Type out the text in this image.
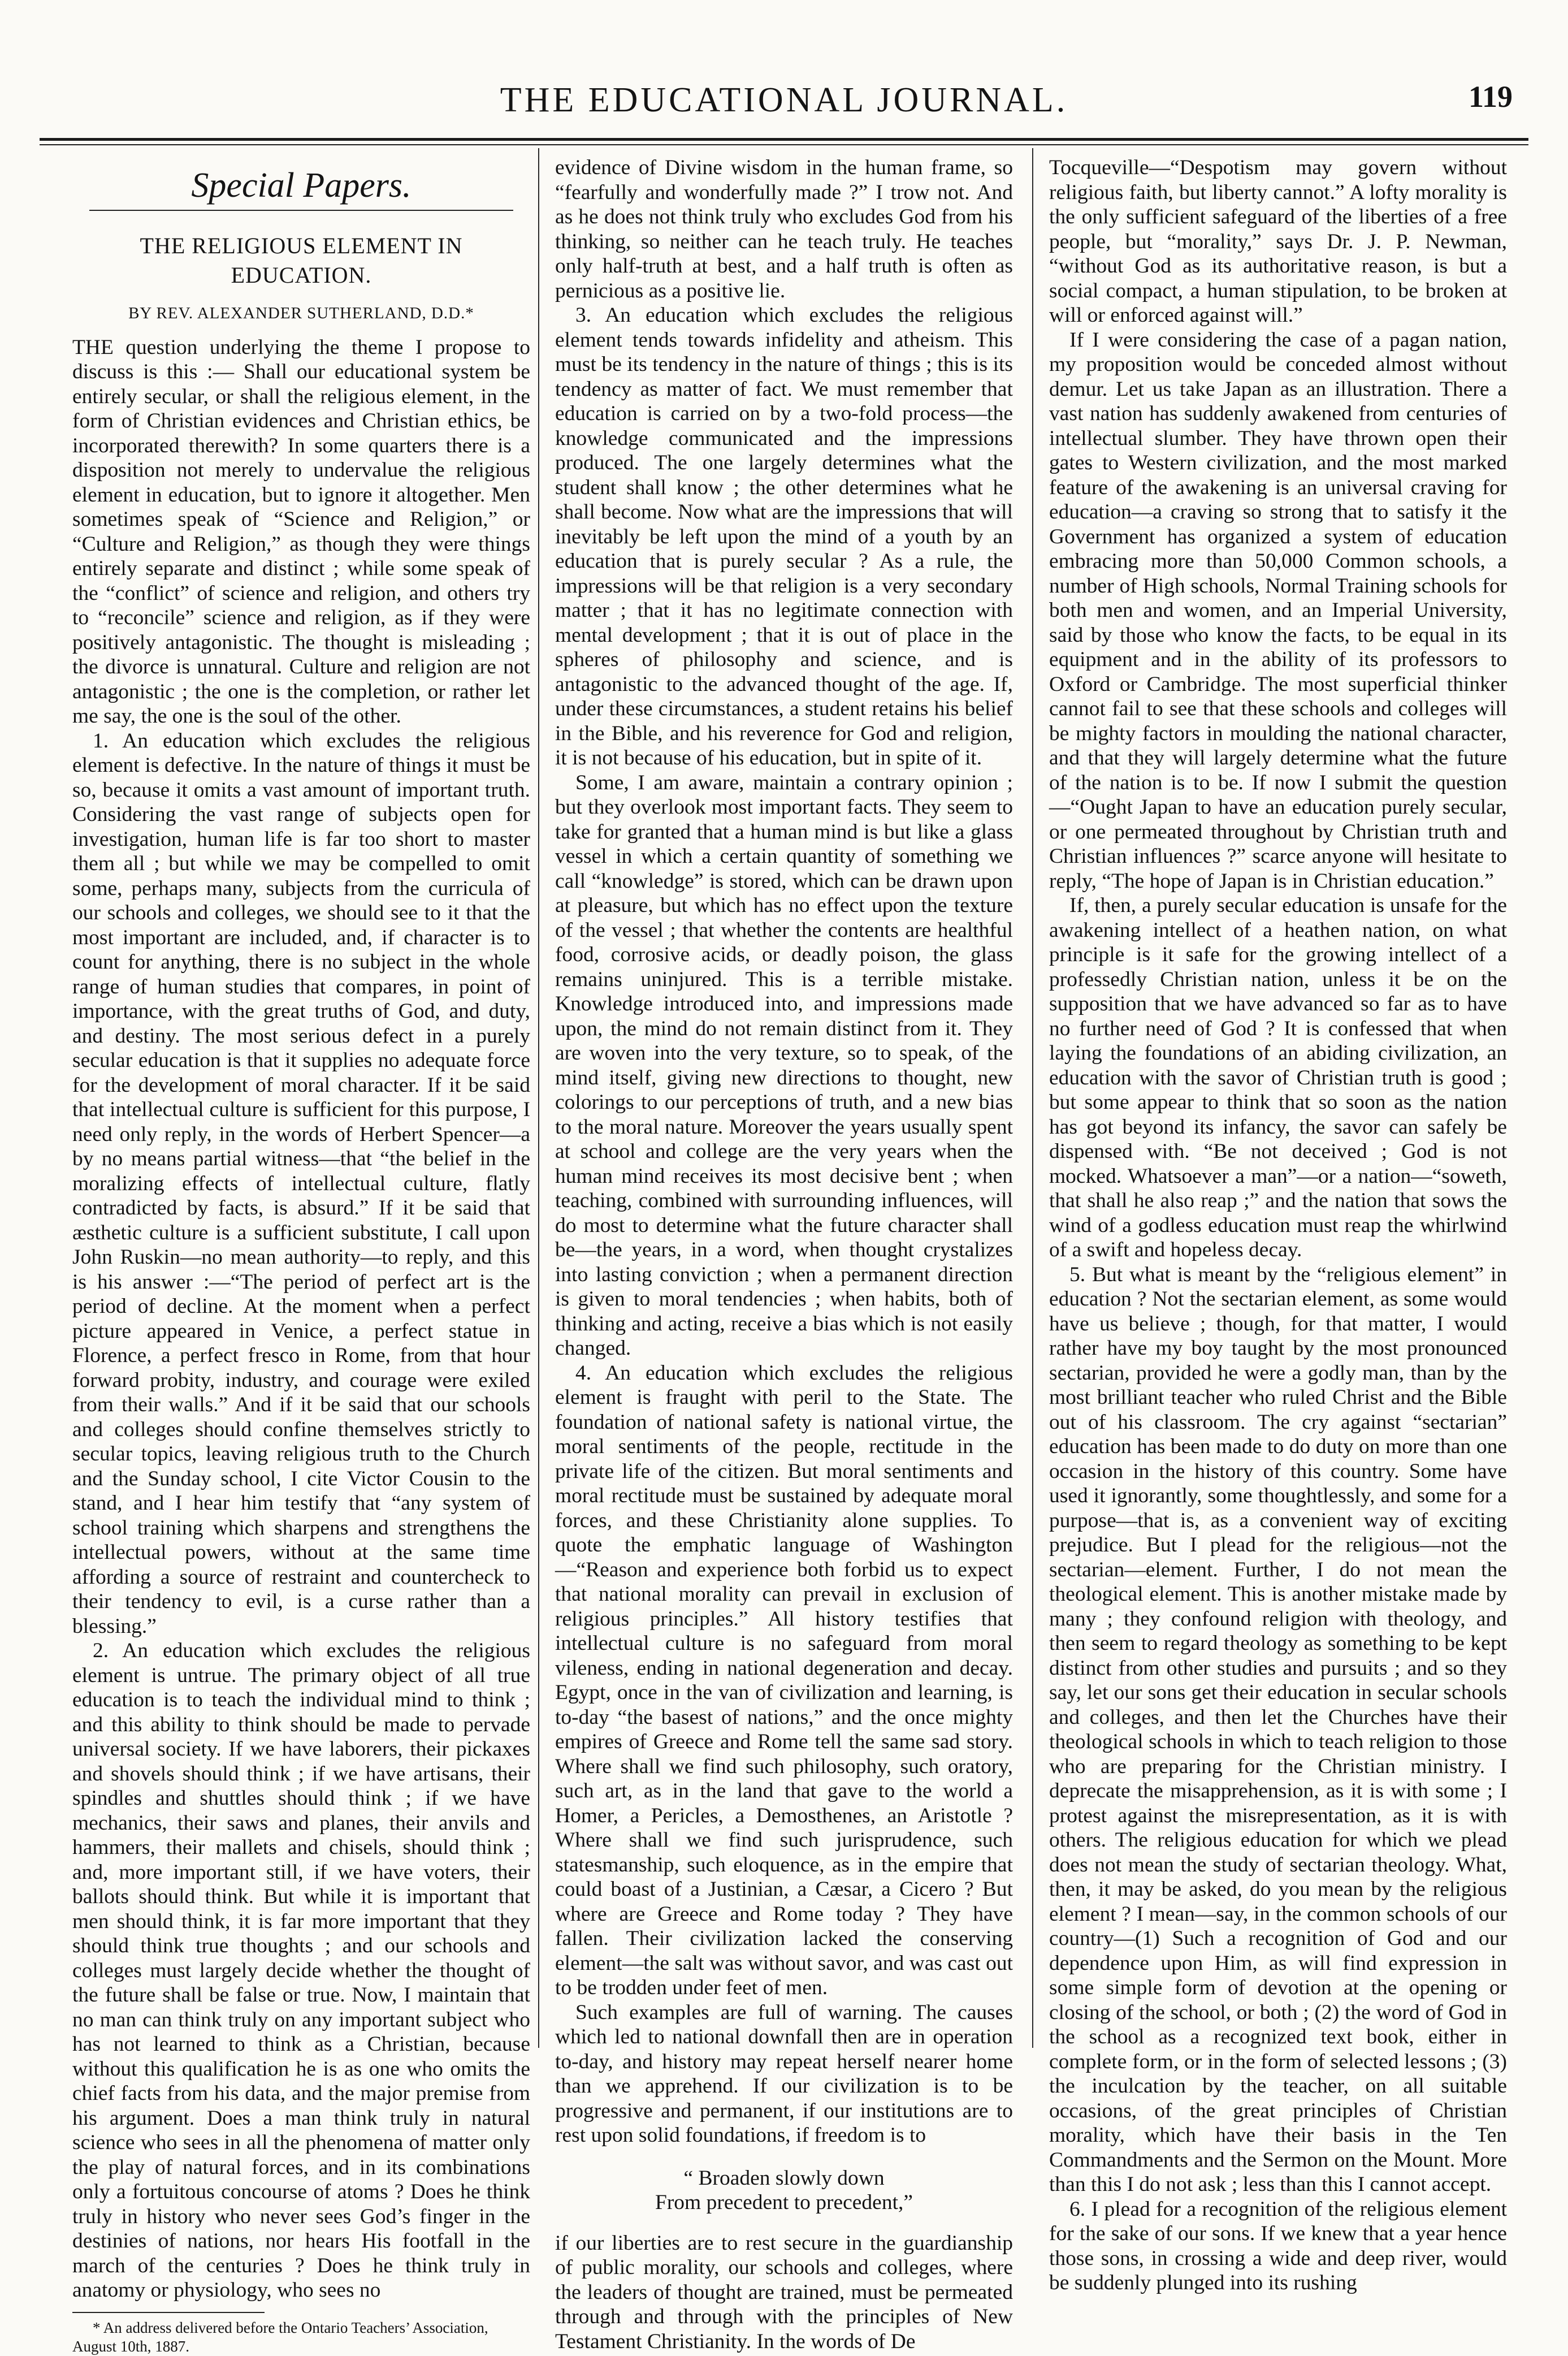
THE EDUCATIONAL JOURNAL.	119
Special Papers.
THE RELIGIOUS ELEMENT IN EDUCATION.
BY REV. ALEXANDER SUTHERLAND, D.D.*

THE question underlying the theme I propose to discuss is this :— Shall our educational system be entirely secular, or shall the religious element, in the form of Christian evidences and Christian ethics, be incorporated therewith? In some quarters there is a disposition not merely to undervalue the religious element in education, but to ignore it altogether. Men sometimes speak of “Science and Religion,” or “Culture and Religion,” as though they were things entirely separate and distinct ; while some speak of the “conflict” of science and religion, and others try to “reconcile” science and religion, as if they were positively antagonistic. The thought is misleading ; the divorce is unnatural. Culture and religion are not antagonistic ; the one is the completion, or rather let me say, the one is the soul of the other.

1. An education which excludes the religious element is defective. In the nature of things it must be so, because it omits a vast amount of important truth. Considering the vast range of subjects open for investigation, human life is far too short to master them all ; but while we may be compelled to omit some, perhaps many, subjects from the curricula of our schools and colleges, we should see to it that the most important are included, and, if character is to count for anything, there is no subject in the whole range of human studies that compares, in point of importance, with the great truths of God, and duty, and destiny. The most serious defect in a purely secular education is that it supplies no adequate force for the development of moral character. If it be said that intellectual culture is sufficient for this purpose, I need only reply, in the words of Herbert Spencer—a by no means partial witness—that “the belief in the moralizing effects of intellectual culture, flatly contradicted by facts, is absurd.” If it be said that æsthetic culture is a sufficient substitute, I call upon John Ruskin—no mean authority—to reply, and this is his answer :—“The period of perfect art is the period of decline. At the moment when a perfect picture appeared in Venice, a perfect statue in Florence, a perfect fresco in Rome, from that hour forward probity, industry, and courage were exiled from their walls.” And if it be said that our schools and colleges should confine themselves strictly to secular topics, leaving religious truth to the Church and the Sunday school, I cite Victor Cousin to the stand, and I hear him testify that “any system of school training which sharpens and strengthens the intellectual powers, without at the same time affording a source of restraint and countercheck to their tendency to evil, is a curse rather than a blessing.”

2. An education which excludes the religious element is untrue. The primary object of all true education is to teach the individual mind to think ; and this ability to think should be made to pervade universal society. If we have laborers, their pickaxes and shovels should think ; if we have artisans, their spindles and shuttles should think ; if we have mechanics, their saws and planes, their anvils and hammers, their mallets and chisels, should think ; and, more important still, if we have voters, their ballots should think. But while it is important that men should think, it is far more important that they should think true thoughts ; and our schools and colleges must largely decide whether the thought of the future shall be false or true. Now, I maintain that no man can think truly on any important subject who has not learned to think as a Christian, because without this qualification he is as one who omits the chief facts from his data, and the major premise from his argument. Does a man think truly in natural science who sees in all the phenomena of matter only the play of natural forces, and in its combinations only a fortuitous concourse of atoms ? Does he think truly in history who never sees God’s finger in the destinies of nations, nor hears His footfall in the march of the centuries ? Does he think truly in anatomy or physiology, who sees no

* An address delivered before the Ontario Teachers’ Association, August 10th, 1887.

evidence of Divine wisdom in the human frame, so “fearfully and wonderfully made ?” I trow not. And as he does not think truly who excludes God from his thinking, so neither can he teach truly. He teaches only half-truth at best, and a half truth is often as pernicious as a positive lie.

3. An education which excludes the religious element tends towards infidelity and atheism. This must be its tendency in the nature of things ; this is its tendency as matter of fact. We must remember that education is carried on by a two-fold process—the knowledge communicated and the impressions produced. The one largely determines what the student shall know ; the other determines what he shall become. Now what are the impressions that will inevitably be left upon the mind of a youth by an education that is purely secular ? As a rule, the impressions will be that religion is a very secondary matter ; that it has no legitimate connection with mental development ; that it is out of place in the spheres of philosophy and science, and is antagonistic to the advanced thought of the age. If, under these circumstances, a student retains his belief in the Bible, and his reverence for God and religion, it is not because of his education, but in spite of it.

Some, I am aware, maintain a contrary opinion ; but they overlook most important facts. They seem to take for granted that a human mind is but like a glass vessel in which a certain quantity of something we call “knowledge” is stored, which can be drawn upon at pleasure, but which has no effect upon the texture of the vessel ; that whether the contents are healthful food, corrosive acids, or deadly poison, the glass remains uninjured. This is a terrible mistake. Knowledge introduced into, and impressions made upon, the mind do not remain distinct from it. They are woven into the very texture, so to speak, of the mind itself, giving new directions to thought, new colorings to our perceptions of truth, and a new bias to the moral nature. Moreover the years usually spent at school and college are the very years when the human mind receives its most decisive bent ; when teaching, combined with surrounding influences, will do most to determine what the future character shall be—the years, in a word, when thought crystalizes into lasting conviction ; when a permanent direction is given to moral tendencies ; when habits, both of thinking and acting, receive a bias which is not easily changed.

4. An education which excludes the religious element is fraught with peril to the State. The foundation of national safety is national virtue, the moral sentiments of the people, rectitude in the private life of the citizen. But moral sentiments and moral rectitude must be sustained by adequate moral forces, and these Christianity alone supplies. To quote the emphatic language of Washington—“Reason and experience both forbid us to expect that national morality can prevail in exclusion of religious principles.” All history testifies that intellectual culture is no safeguard from moral vileness, ending in national degeneration and decay. Egypt, once in the van of civilization and learning, is to-day “the basest of nations,” and the once mighty empires of Greece and Rome tell the same sad story. Where shall we find such philosophy, such oratory, such art, as in the land that gave to the world a Homer, a Pericles, a Demosthenes, an Aristotle ? Where shall we find such jurisprudence, such statesmanship, such eloquence, as in the empire that could boast of a Justinian, a Cæsar, a Cicero ? But where are Greece and Rome today ? They have fallen. Their civilization lacked the conserving element—the salt was without savor, and was cast out to be trodden under feet of men.

Such examples are full of warning. The causes which led to national downfall then are in operation to-day, and history may repeat herself nearer home than we apprehend. If our civilization is to be progressive and permanent, if our institutions are to rest upon solid foundations, if freedom is to

“ Broaden slowly down
From precedent to precedent,”

if our liberties are to rest secure in the guardianship of public morality, our schools and colleges, where the leaders of thought are trained, must be permeated through and through with the principles of New Testament Christianity. In the words of De

Tocqueville—“Despotism may govern without religious faith, but liberty cannot.” A lofty morality is the only sufficient safeguard of the liberties of a free people, but “morality,” says Dr. J. P. Newman, “without God as its authoritative reason, is but a social compact, a human stipulation, to be broken at will or enforced against will.”

If I were considering the case of a pagan nation, my proposition would be conceded almost without demur. Let us take Japan as an illustration. There a vast nation has suddenly awakened from centuries of intellectual slumber. They have thrown open their gates to Western civilization, and the most marked feature of the awakening is an universal craving for education—a craving so strong that to satisfy it the Government has organized a system of education embracing more than 50,000 Common schools, a number of High schools, Normal Training schools for both men and women, and an Imperial University, said by those who know the facts, to be equal in its equipment and in the ability of its professors to Oxford or Cambridge. The most superficial thinker cannot fail to see that these schools and colleges will be mighty factors in moulding the national character, and that they will largely determine what the future of the nation is to be. If now I submit the question—“Ought Japan to have an education purely secular, or one permeated throughout by Christian truth and Christian influences ?” scarce anyone will hesitate to reply, “The hope of Japan is in Christian education.”

If, then, a purely secular education is unsafe for the awakening intellect of a heathen nation, on what principle is it safe for the growing intellect of a professedly Christian nation, unless it be on the supposition that we have advanced so far as to have no further need of God ? It is confessed that when laying the foundations of an abiding civilization, an education with the savor of Christian truth is good ; but some appear to think that so soon as the nation has got beyond its infancy, the savor can safely be dispensed with. “Be not deceived ; God is not mocked. Whatsoever a man”—or a nation—“soweth, that shall he also reap ;” and the nation that sows the wind of a godless education must reap the whirlwind of a swift and hopeless decay.

5. But what is meant by the “religious element” in education ? Not the sectarian element, as some would have us believe ; though, for that matter, I would rather have my boy taught by the most pronounced sectarian, provided he were a godly man, than by the most brilliant teacher who ruled Christ and the Bible out of his classroom. The cry against “sectarian” education has been made to do duty on more than one occasion in the history of this country. Some have used it ignorantly, some thoughtlessly, and some for a purpose—that is, as a convenient way of exciting prejudice. But I plead for the religious—not the sectarian—element. Further, I do not mean the theological element. This is another mistake made by many ; they confound religion with theology, and then seem to regard theology as something to be kept distinct from other studies and pursuits ; and so they say, let our sons get their education in secular schools and colleges, and then let the Churches have their theological schools in which to teach religion to those who are preparing for the Christian ministry. I deprecate the misapprehension, as it is with some ; I protest against the misrepresentation, as it is with others. The religious education for which we plead does not mean the study of sectarian theology. What, then, it may be asked, do you mean by the religious element ? I mean—say, in the common schools of our country—(1) Such a recognition of God and our dependence upon Him, as will find expression in some simple form of devotion at the opening or closing of the school, or both ; (2) the word of God in the school as a recognized text book, either in complete form, or in the form of selected lessons ; (3) the inculcation by the teacher, on all suitable occasions, of the great principles of Christian morality, which have their basis in the Ten Commandments and the Sermon on the Mount. More than this I do not ask ; less than this I cannot accept.

6. I plead for a recognition of the religious element for the sake of our sons. If we knew that a year hence those sons, in crossing a wide and deep river, would be suddenly plunged into its rushing
